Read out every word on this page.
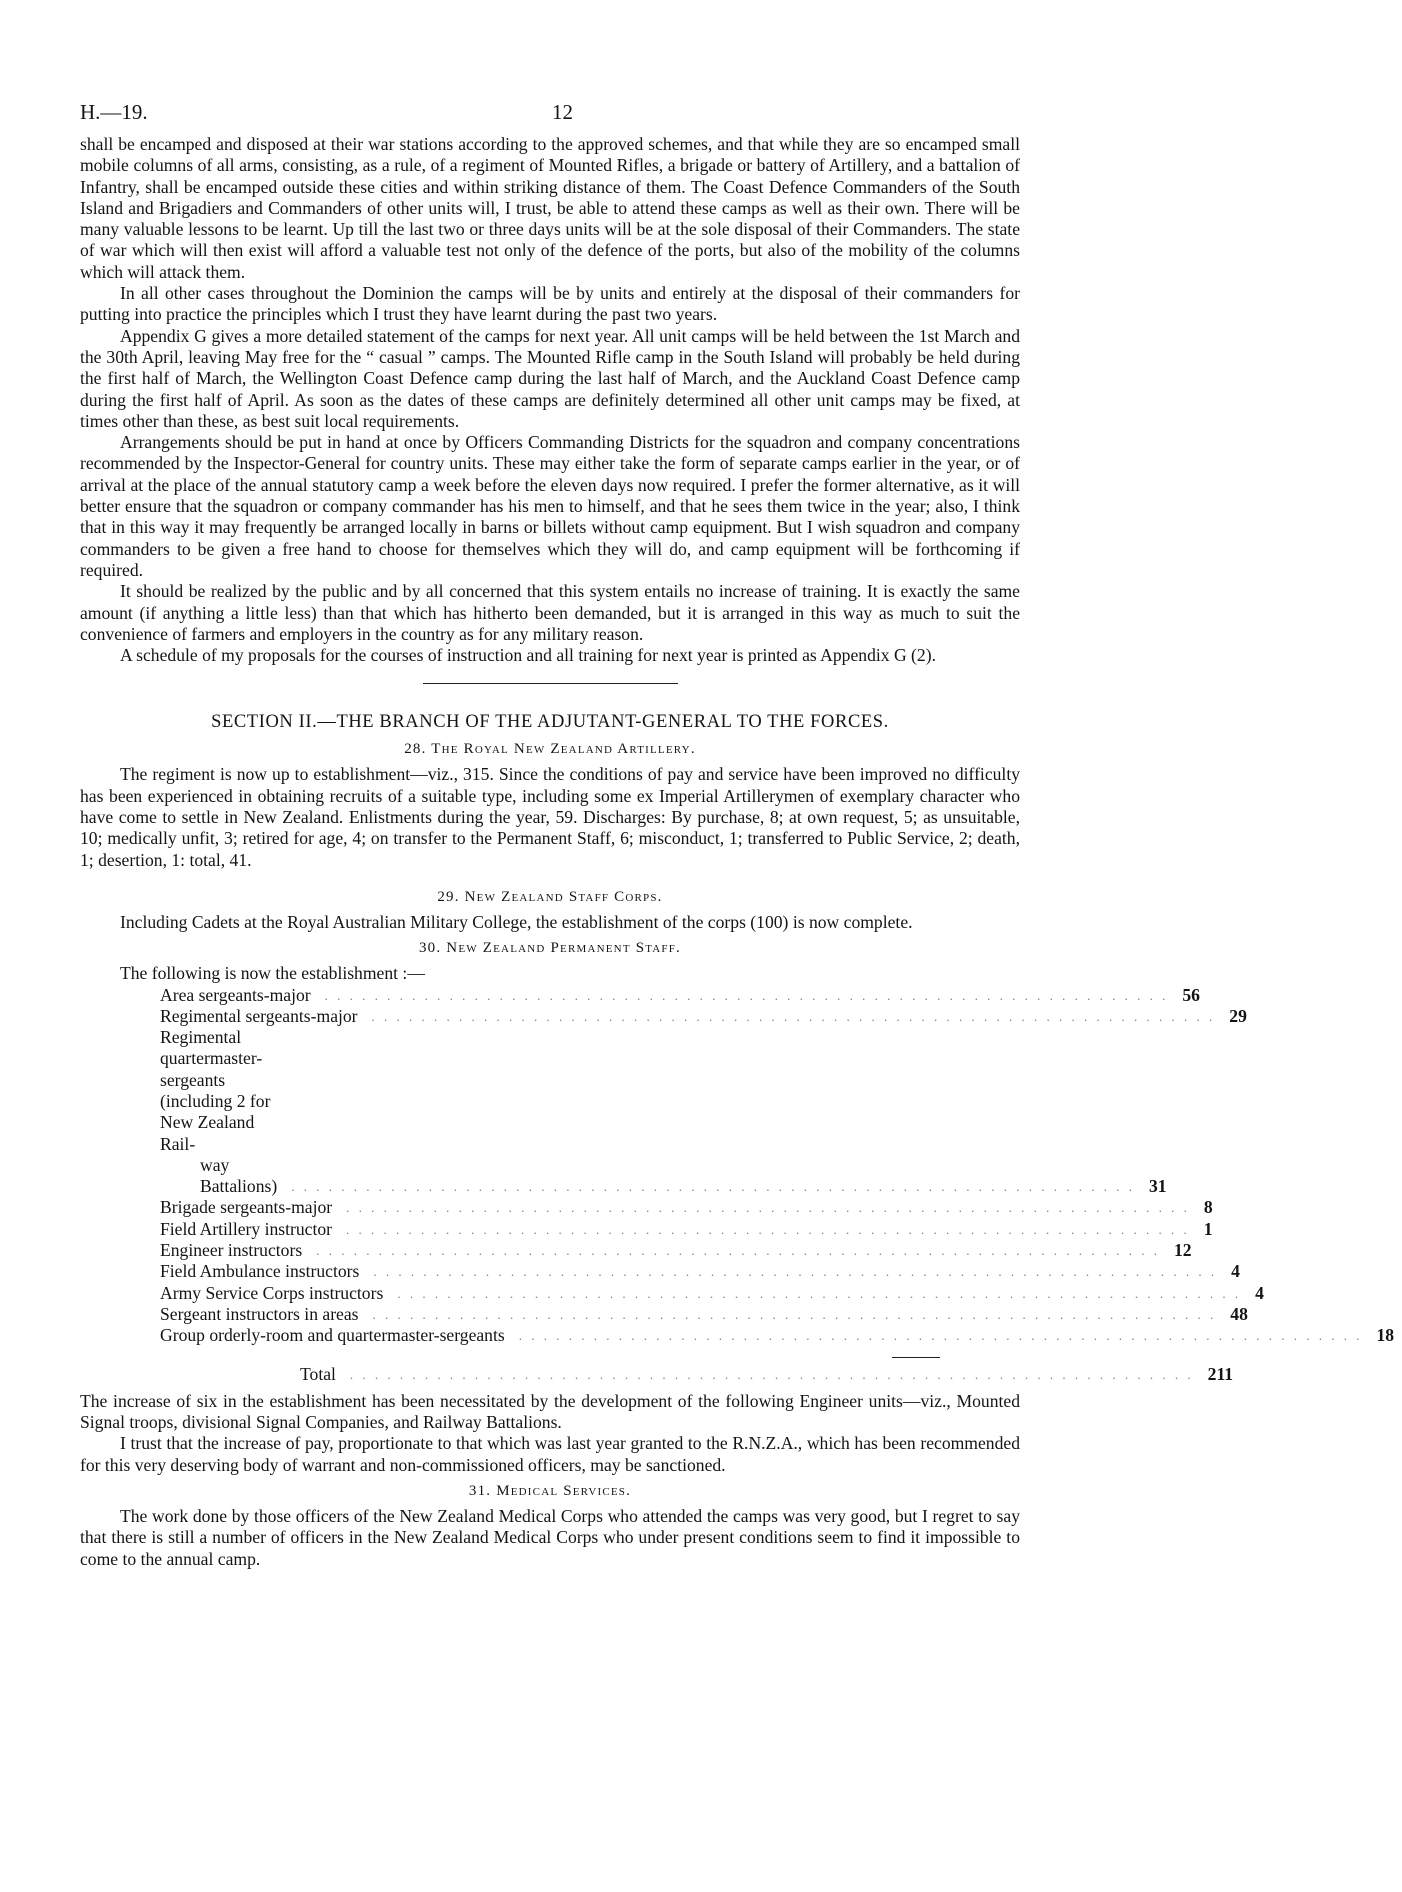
H.—19.	12

shall be encamped and disposed at their war stations according to the approved schemes, and that while they are so encamped small mobile columns of all arms, consisting, as a rule, of a regiment of Mounted Rifles, a brigade or battery of Artillery, and a battalion of Infantry, shall be encamped outside these cities and within striking distance of them. The Coast Defence Commanders of the South Island and Brigadiers and Commanders of other units will, I trust, be able to attend these camps as well as their own. There will be many valuable lessons to be learnt. Up till the last two or three days units will be at the sole disposal of their Commanders. The state of war which will then exist will afford a valuable test not only of the defence of the ports, but also of the mobility of the columns which will attack them.

In all other cases throughout the Dominion the camps will be by units and entirely at the disposal of their commanders for putting into practice the principles which I trust they have learnt during the past two years.

Appendix G gives a more detailed statement of the camps for next year. All unit camps will be held between the 1st March and the 30th April, leaving May free for the “ casual ” camps. The Mounted Rifle camp in the South Island will probably be held during the first half of March, the Wellington Coast Defence camp during the last half of March, and the Auckland Coast Defence camp during the first half of April. As soon as the dates of these camps are definitely determined all other unit camps may be fixed, at times other than these, as best suit local requirements.

Arrangements should be put in hand at once by Officers Commanding Districts for the squadron and company concentrations recommended by the Inspector-General for country units. These may either take the form of separate camps earlier in the year, or of arrival at the place of the annual statutory camp a week before the eleven days now required. I prefer the former alternative, as it will better ensure that the squadron or company commander has his men to himself, and that he sees them twice in the year; also, I think that in this way it may frequently be arranged locally in barns or billets without camp equipment. But I wish squadron and company commanders to be given a free hand to choose for themselves which they will do, and camp equipment will be forthcoming if required.

It should be realized by the public and by all concerned that this system entails no increase of training. It is exactly the same amount (if anything a little less) than that which has hitherto been demanded, but it is arranged in this way as much to suit the convenience of farmers and employers in the country as for any military reason.

A schedule of my proposals for the courses of instruction and all training for next year is printed as Appendix G (2).

SECTION II.—THE BRANCH OF THE ADJUTANT-GENERAL TO THE FORCES.
28. The Royal New Zealand Artillery.

The regiment is now up to establishment—viz., 315. Since the conditions of pay and service have been improved no difficulty has been experienced in obtaining recruits of a suitable type, including some ex Imperial Artillerymen of exemplary character who have come to settle in New Zealand. Enlistments during the year, 59. Discharges: By purchase, 8; at own request, 5; as unsuitable, 10; medically unfit, 3; retired for age, 4; on transfer to the Permanent Staff, 6; misconduct, 1; transferred to Public Service, 2; death, 1; desertion, 1: total, 41.

29. New Zealand Staff Corps.

Including Cadets at the Royal Australian Military College, the establishment of the corps (100) is now complete.

30. New Zealand Permanent Staff.
The following is now the establishment :—
Area sergeants-major . . . . . . . . . . . . . . . . . . . . . . . . . . . . . . . . . . . . . . . . . . . . . . . . . . . . . . . . . . . . . . . . . . . . 56
Regimental sergeants-major . . . . . . . . . . . . . . . . . . . . . . . . . . . . . . . . . . . . . . . . . . . . . . . . . . . . . . . . . . . . . . . . . . . . 29
Regimental quartermaster-sergeants (including 2 for New Zealand Rail-
way Battalions) . . . . . . . . . . . . . . . . . . . . . . . . . . . . . . . . . . . . . . . . . . . . . . . . . . . . . . . . . . . . . . . . . . . . 31
Brigade sergeants-major . . . . . . . . . . . . . . . . . . . . . . . . . . . . . . . . . . . . . . . . . . . . . . . . . . . . . . . . . . . . . . . . . . . . 8
Field Artillery instructor . . . . . . . . . . . . . . . . . . . . . . . . . . . . . . . . . . . . . . . . . . . . . . . . . . . . . . . . . . . . . . . . . . . . 1
Engineer instructors . . . . . . . . . . . . . . . . . . . . . . . . . . . . . . . . . . . . . . . . . . . . . . . . . . . . . . . . . . . . . . . . . . . . 12
Field Ambulance instructors . . . . . . . . . . . . . . . . . . . . . . . . . . . . . . . . . . . . . . . . . . . . . . . . . . . . . . . . . . . . . . . . . . . . 4
Army Service Corps instructors . . . . . . . . . . . . . . . . . . . . . . . . . . . . . . . . . . . . . . . . . . . . . . . . . . . . . . . . . . . . . . . . . . . . 4
Sergeant instructors in areas . . . . . . . . . . . . . . . . . . . . . . . . . . . . . . . . . . . . . . . . . . . . . . . . . . . . . . . . . . . . . . . . . . . . 48
Group orderly-room and quartermaster-sergeants . . . . . . . . . . . . . . . . . . . . . . . . . . . . . . . . . . . . . . . . . . . . . . . . . . . . . . . . . . . . . . . . . . . . 18
Total . . . . . . . . . . . . . . . . . . . . . . . . . . . . . . . . . . . . . . . . . . . . . . . . . . . . . . . . . . . . . . . . . . . . 211

The increase of six in the establishment has been necessitated by the development of the following Engineer units—viz., Mounted Signal troops, divisional Signal Companies, and Railway Battalions.

I trust that the increase of pay, proportionate to that which was last year granted to the R.N.Z.A., which has been recommended for this very deserving body of warrant and non-commissioned officers, may be sanctioned.

31. Medical Services.

The work done by those officers of the New Zealand Medical Corps who attended the camps was very good, but I regret to say that there is still a number of officers in the New Zealand Medical Corps who under present conditions seem to find it impossible to come to the annual camp.
